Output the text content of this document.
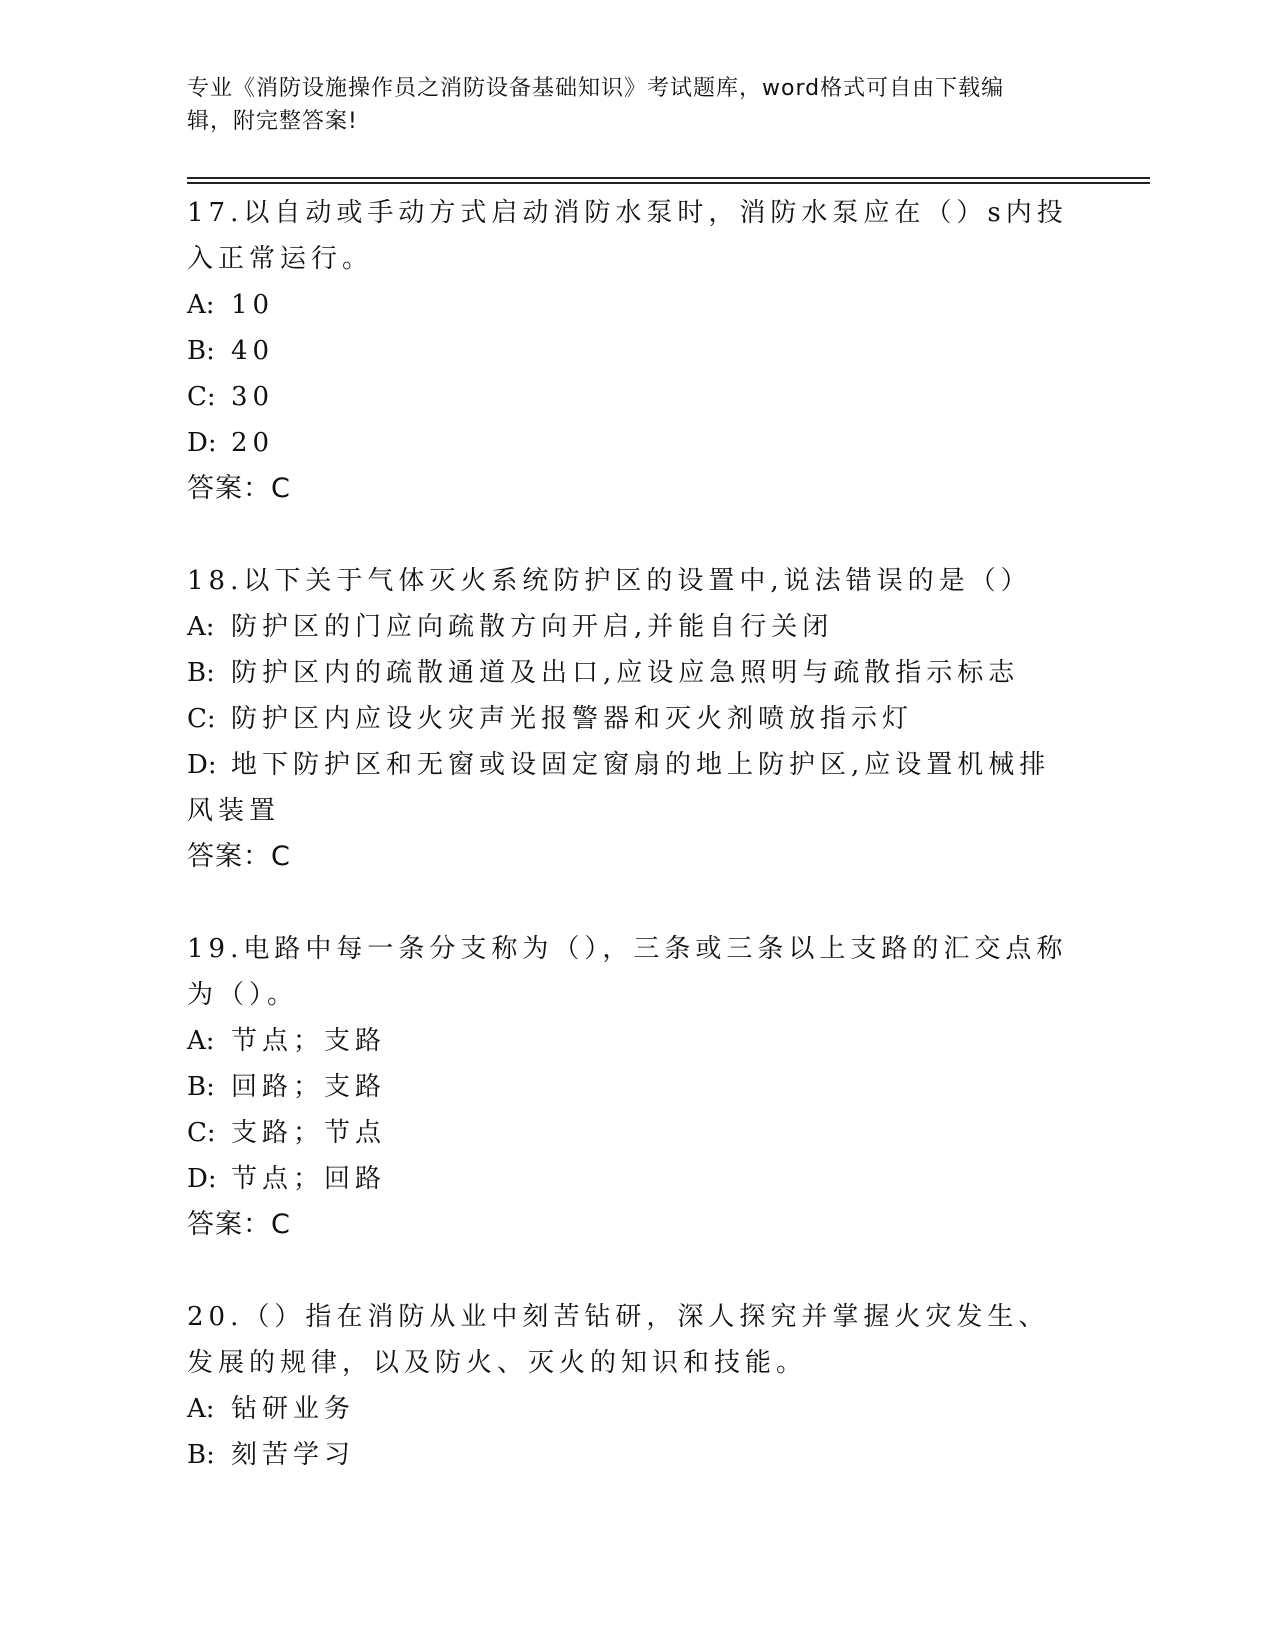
专业《消防设施操作员之消防设备基础知识》考试题库，word格式可自由下载编
辑，附完整答案!
17.以自动或手动方式启动消防水泵时，消防水泵应在（）s内投入正常运行。
A: 10
B: 40
C: 30
D: 20
答案：C
18.以下关于气体灭火系统防护区的设置中,说法错误的是（）
A: 防护区的门应向疏散方向开启,并能自行关闭
B: 防护区内的疏散通道及出口,应设应急照明与疏散指示标志
C: 防护区内应设火灾声光报警器和灭火剂喷放指示灯
D: 地下防护区和无窗或设固定窗扇的地上防护区,应设置机械排风装置
答案：C
19.电路中每一条分支称为（），三条或三条以上支路的汇交点称为（）。
A: 节点；支路
B: 回路；支路
C: 支路；节点
D: 节点；回路
答案：C
20.（）指在消防从业中刻苦钻研，深人探究并掌握火灾发生、发展的规律，以及防火、灭火的知识和技能。
A: 钻研业务
B: 刻苦学习
